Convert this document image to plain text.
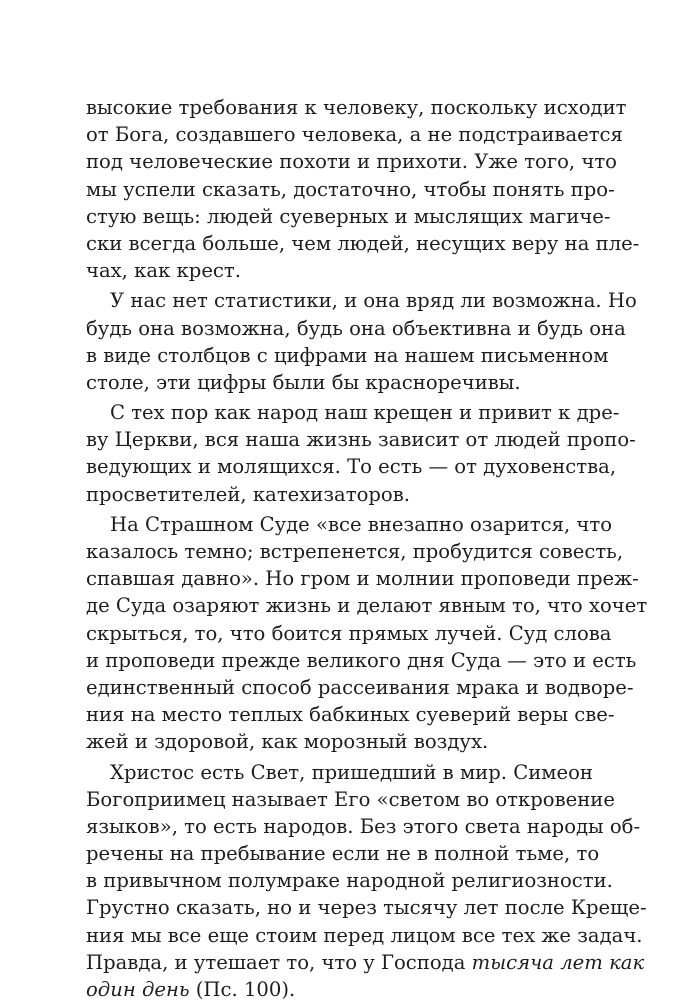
высокие требования к человеку, поскольку исходит
от Бога, создавшего человека, а не подстраивается
под человеческие похоти и прихоти. Уже того, что
мы успели сказать, достаточно, чтобы понять про-
стую вещь: людей суеверных и мыслящих магиче-
ски всегда больше, чем людей, несущих веру на пле-
чах, как крест.

У нас нет статистики, и она вряд ли возможна. Но
будь она возможна, будь она объективна и будь она
в виде столбцов с цифрами на нашем письменном
столе, эти цифры были бы красноречивы.

С тех пор как народ наш крещен и привит к дре-
ву Церкви, вся наша жизнь зависит от людей пропо-
ведующих и молящихся. То есть — от духовенства,
просветителей, катехизаторов.

На Страшном Суде «все внезапно озарится, что
казалось темно; встрепенется, пробудится совесть,
спавшая давно». Но гром и молнии проповеди преж-
де Суда озаряют жизнь и делают явным то, что хочет
скрыться, то, что боится прямых лучей. Суд слова
и проповеди прежде великого дня Суда — это и есть
единственный способ рассеивания мрака и водворе-
ния на место теплых бабкиных суеверий веры све-
жей и здоровой, как морозный воздух.

Христос есть Свет, пришедший в мир. Симеон
Богоприимец называет Его «светом во откровение
языков», то есть народов. Без этого света народы об-
речены на пребывание если не в полной тьме, то
в привычном полумраке народной религиозности.
Грустно сказать, но и через тысячу лет после Креще-
ния мы все еще стоим перед лицом все тех же задач.
Правда, и утешает то, что у Господа тысяча лет как
один день (Пс. 100).
